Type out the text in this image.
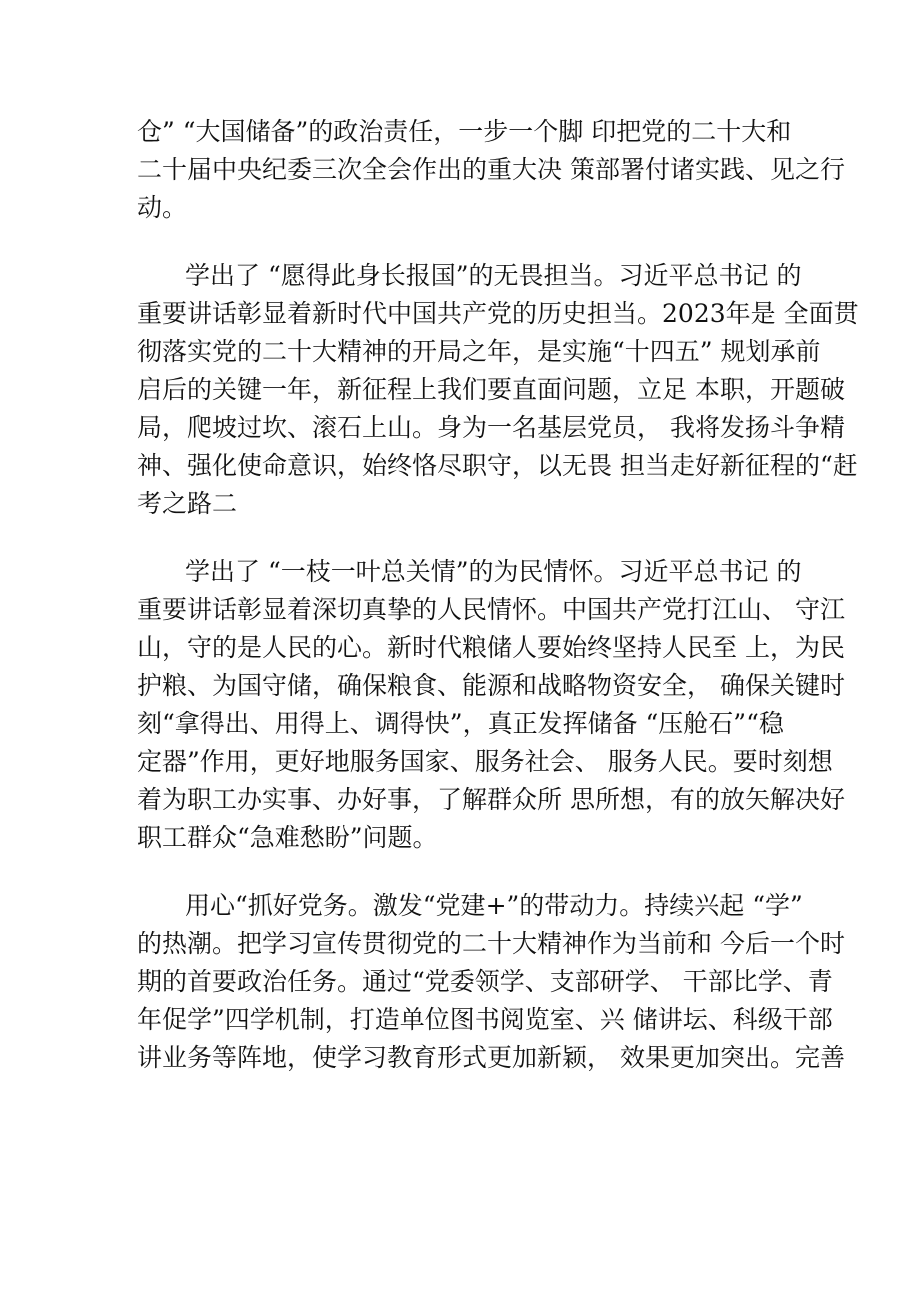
仓” “大国储备”的政治责任，一步一个脚 印把党的二十大和
二十届中央纪委三次全会作出的重大决 策部署付诸实践、见之行
动。
学出了 “愿得此身长报国”的无畏担当。习近平总书记 的
重要讲话彰显着新时代中国共产党的历史担当。2023年是 全面贯
彻落实党的二十大精神的开局之年，是实施“十四五” 规划承前
启后的关键一年，新征程上我们要直面问题，立足 本职，开题破
局，爬坡过坎、滚石上山。身为一名基层党员， 我将发扬斗争精
神、强化使命意识，始终恪尽职守，以无畏 担当走好新征程的“赶
考之路二
学出了 “一枝一叶总关情”的为民情怀。习近平总书记 的
重要讲话彰显着深切真挚的人民情怀。中国共产党打江山、 守江
山，守的是人民的心。新时代粮储人要始终坚持人民至 上，为民
护粮、为国守储，确保粮食、能源和战略物资安全， 确保关键时
刻“拿得出、用得上、调得快”，真正发挥储备 “压舱石”“稳
定器”作用，更好地服务国家、服务社会、 服务人民。要时刻想
着为职工办实事、办好事，了解群众所 思所想，有的放矢解决好
职工群众“急难愁盼”问题。
用心“抓好党务。激发“党建+”的带动力。持续兴起 “学”
的热潮。把学习宣传贯彻党的二十大精神作为当前和 今后一个时
期的首要政治任务。通过“党委领学、支部研学、 干部比学、青
年促学”四学机制，打造单位图书阅览室、兴 储讲坛、科级干部
讲业务等阵地，使学习教育形式更加新颖， 效果更加突出。完善
